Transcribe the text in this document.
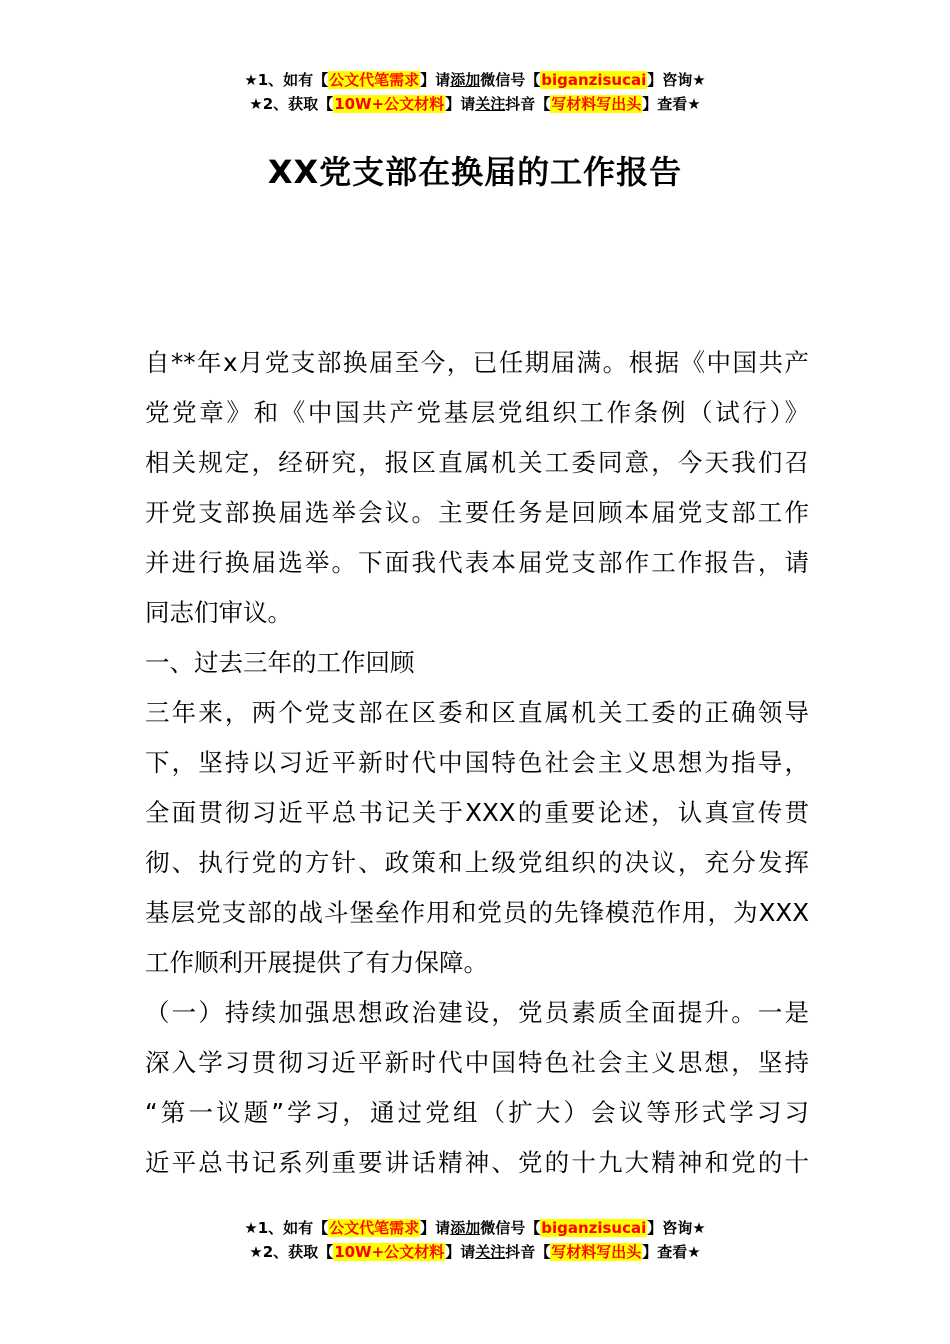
★1、如有【公文代笔需求】请添加微信号【biganzisucai】咨询★
★2、获取【10W+公文材料】请关注抖音【写材料写出头】查看★
XX党支部在换届的工作报告
自**年x月党支部换届至今，已任期届满。根据《中国共产
党党章》和《中国共产党基层党组织工作条例（试行）》
相关规定，经研究，报区直属机关工委同意，今天我们召
开党支部换届选举会议。主要任务是回顾本届党支部工作
并进行换届选举。下面我代表本届党支部作工作报告，请
同志们审议。
一、过去三年的工作回顾
三年来，两个党支部在区委和区直属机关工委的正确领导
下，坚持以习近平新时代中国特色社会主义思想为指导，
全面贯彻习近平总书记关于XXX的重要论述，认真宣传贯
彻、执行党的方针、政策和上级党组织的决议，充分发挥
基层党支部的战斗堡垒作用和党员的先锋模范作用，为XXX
工作顺利开展提供了有力保障。
（一）持续加强思想政治建设，党员素质全面提升。一是
深入学习贯彻习近平新时代中国特色社会主义思想，坚持
“第一议题”学习，通过党组（扩大）会议等形式学习习
近平总书记系列重要讲话精神、党的十九大精神和党的十
★1、如有【公文代笔需求】请添加微信号【biganzisucai】咨询★
★2、获取【10W+公文材料】请关注抖音【写材料写出头】查看★
